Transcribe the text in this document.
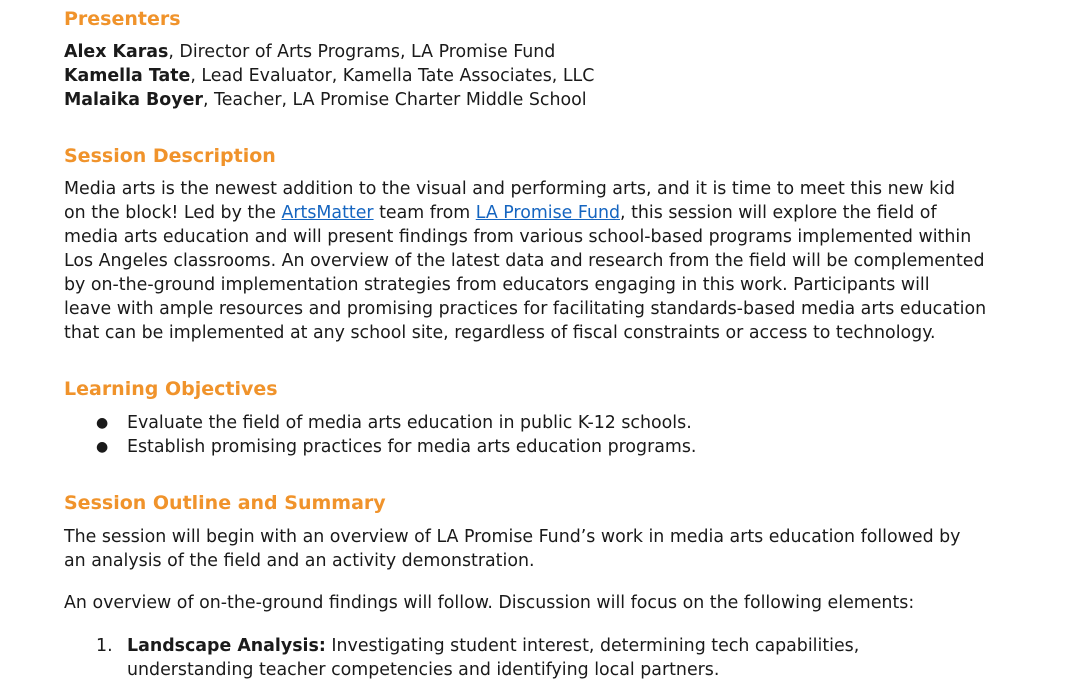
Presenters
Alex Karas, Director of Arts Programs, LA Promise Fund
Kamella Tate, Lead Evaluator, Kamella Tate Associates, LLC
Malaika Boyer, Teacher, LA Promise Charter Middle School
Session Description

Media arts is the newest addition to the visual and performing arts, and it is time to meet this new kid

on the block! Led by the ArtsMatter team from LA Promise Fund, this session will explore the field of

media arts education and will present findings from various school-based programs implemented within

Los Angeles classrooms. An overview of the latest data and research from the field will be complemented

by on-the-ground implementation strategies from educators engaging in this work. Participants will

leave with ample resources and promising practices for facilitating standards-based media arts education

that can be implemented at any school site, regardless of fiscal constraints or access to technology.

Learning Objectives
● Evaluate the field of media arts education in public K-12 schools.
● Establish promising practices for media arts education programs.
Session Outline and Summary

The session will begin with an overview of LA Promise Fund’s work in media arts education followed by

an analysis of the field and an activity demonstration.

An overview of on-the-ground findings will follow. Discussion will focus on the following elements:

1. Landscape Analysis: Investigating student interest, determining tech capabilities,

understanding teacher competencies and identifying local partners.
